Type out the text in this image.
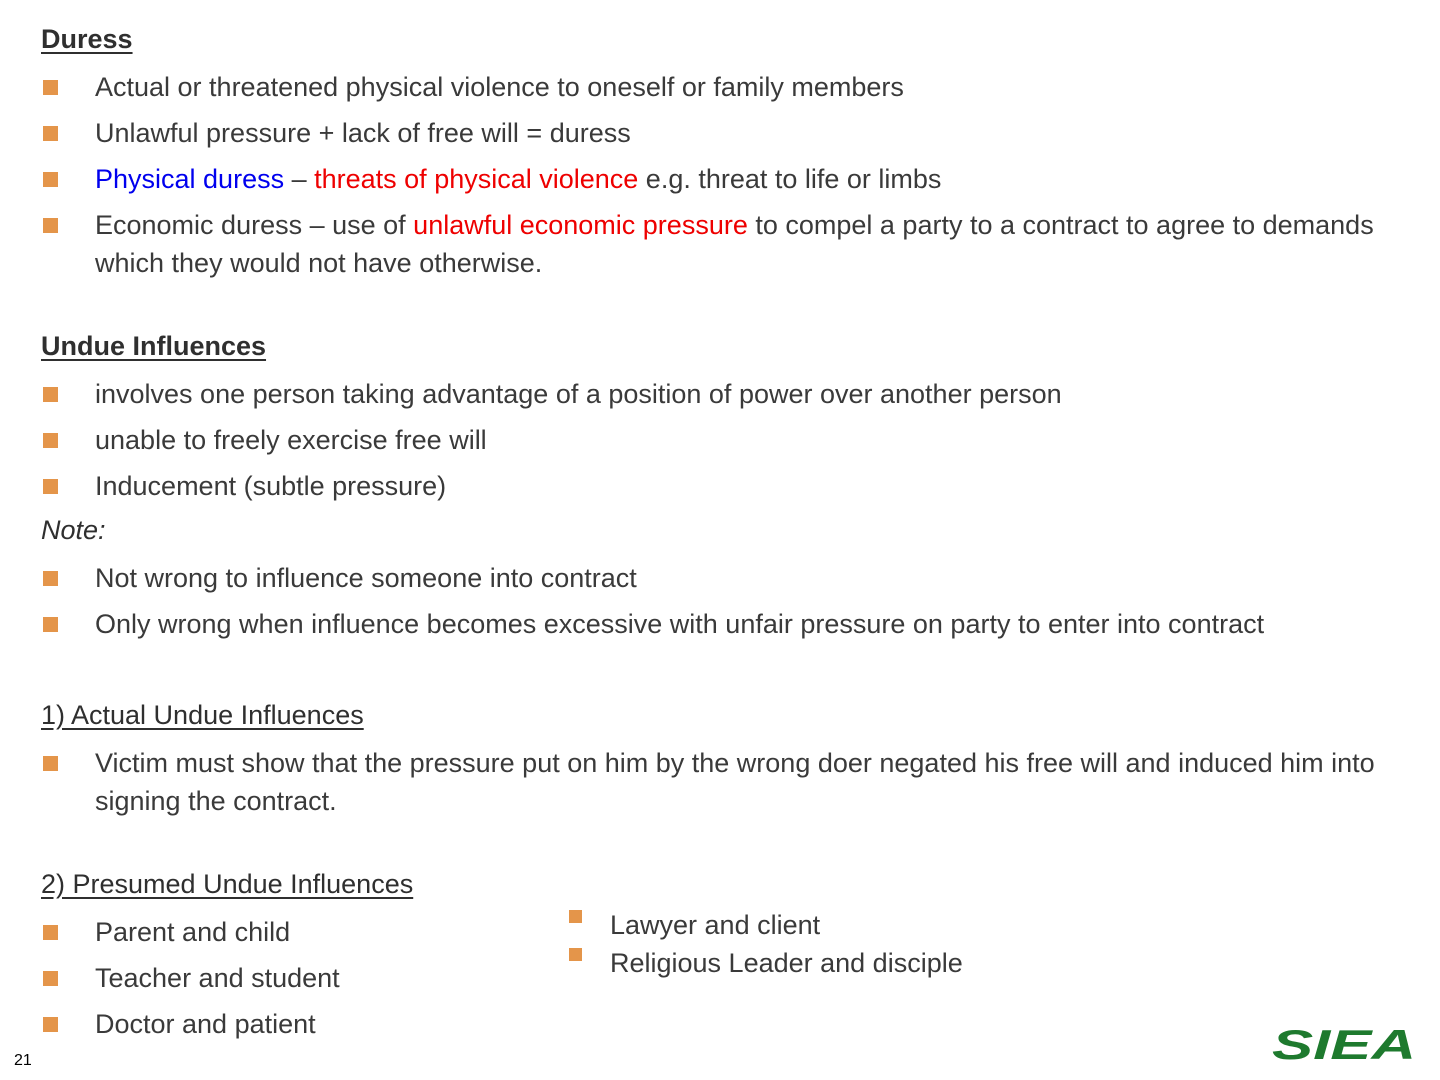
Duress
Actual or threatened physical violence to oneself or family members
Unlawful pressure + lack of free will = duress
Physical duress – threats of physical violence e.g. threat to life or limbs
Economic duress – use of unlawful economic pressure to compel a party to a contract to agree to demands which they would not have otherwise.
Undue Influences
involves one person taking advantage of a position of power over another person
unable to freely exercise free will
Inducement (subtle pressure)
Note:
Not wrong to influence someone into contract
Only wrong when influence becomes excessive with unfair pressure on party to enter into contract
1) Actual Undue Influences
Victim must show that the pressure put on him by the wrong doer negated his free will and induced him into signing the contract.
2) Presumed Undue Influences
Parent and child
Teacher and student
Doctor and patient
Lawyer and client
Religious Leader and disciple
21	SIEA
